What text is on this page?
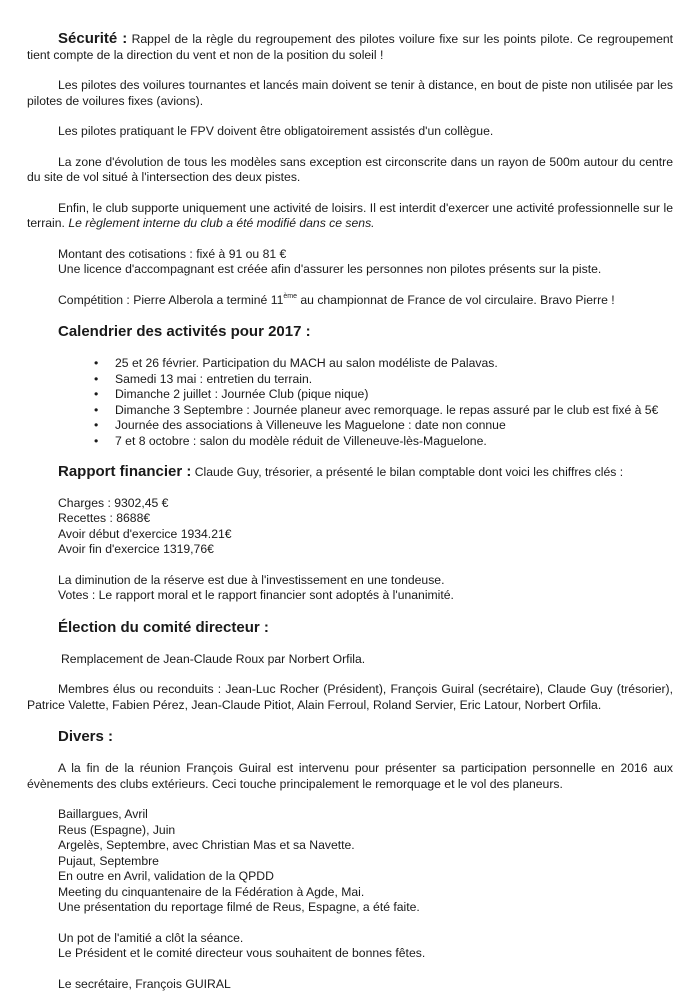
Sécurité : Rappel de la règle du regroupement des pilotes voilure fixe sur les points pilote. Ce regroupement tient compte de la direction du vent et non de la position du soleil !

Les pilotes des voilures tournantes et lancés main doivent se tenir à distance, en bout de piste non utilisée par les pilotes de voilures fixes (avions).

Les pilotes pratiquant le FPV doivent être obligatoirement assistés d'un collègue.

La zone d'évolution de tous les modèles sans exception est circonscrite dans un rayon de 500m autour du centre du site de vol situé à l'intersection des deux pistes.

Enfin, le club supporte uniquement une activité de loisirs. Il est interdit d'exercer une activité professionnelle sur le terrain. Le règlement interne du club a été modifié dans ce sens.

Montant des cotisations : fixé à 91 ou 81 €
Une licence d'accompagnant est créée afin d'assurer les personnes non pilotes présents sur la piste.
Compétition : Pierre Alberola a terminé 11ème au championnat de France de vol circulaire. Bravo Pierre !
Calendrier des activités pour 2017 :
• 25 et 26 février. Participation du MACH au salon modéliste de Palavas.
• Samedi 13 mai : entretien du terrain.
• Dimanche 2 juillet : Journée Club (pique nique)
• Dimanche 3 Septembre : Journée planeur avec remorquage. le repas assuré par le club est fixé à 5€
• Journée des associations à Villeneuve les Maguelone : date non connue
• 7 et 8 octobre : salon du modèle réduit de Villeneuve-lès-Maguelone.
Rapport financier : Claude Guy, trésorier, a présenté le bilan comptable dont voici les chiffres clés :
Charges : 9302,45 €
Recettes : 8688€
Avoir début d'exercice 1934.21€
Avoir fin d'exercice 1319,76€
La diminution de la réserve est due à l'investissement en une tondeuse.
Votes : Le rapport moral et le rapport financier sont adoptés à l'unanimité.
Élection du comité directeur :
Remplacement de Jean-Claude Roux par Norbert Orfila.

Membres élus ou reconduits : Jean-Luc Rocher (Président), François Guiral (secrétaire), Claude Guy (trésorier), Patrice Valette, Fabien Pérez, Jean-Claude Pitiot, Alain Ferroul, Roland Servier, Eric Latour, Norbert Orfila.

Divers :

A la fin de la réunion François Guiral est intervenu pour présenter sa participation personnelle en 2016 aux évènements des clubs extérieurs. Ceci touche principalement le remorquage et le vol des planeurs.

Baillargues, Avril
Reus (Espagne), Juin
Argelès, Septembre, avec Christian Mas et sa Navette.
Pujaut, Septembre
En outre en Avril, validation de la QPDD
Meeting du cinquantenaire de la Fédération à Agde, Mai.
Une présentation du reportage filmé de Reus, Espagne, a été faite.
Un pot de l'amitié a clôt la séance.
Le Président et le comité directeur vous souhaitent de bonnes fêtes.
Le secrétaire, François GUIRAL
